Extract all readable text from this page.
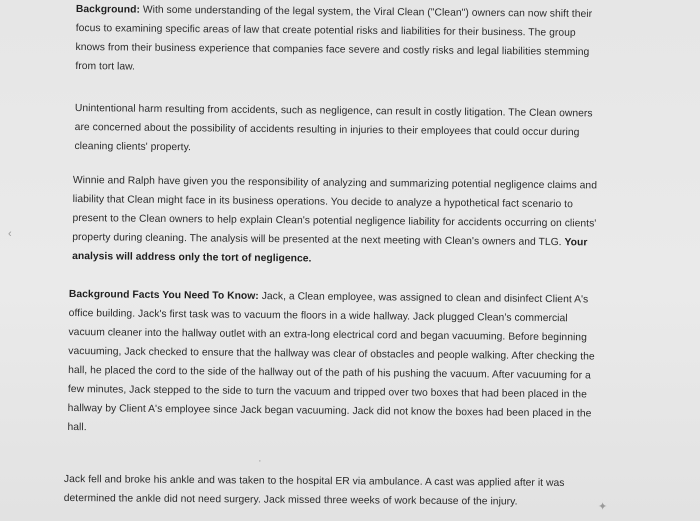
Background: With some understanding of the legal system, the Viral Clean ("Clean") owners can now shift their
focus to examining specific areas of law that create potential risks and liabilities for their business. The group
knows from their business experience that companies face severe and costly risks and legal liabilities stemming
from tort law.
Unintentional harm resulting from accidents, such as negligence, can result in costly litigation. The Clean owners
are concerned about the possibility of accidents resulting in injuries to their employees that could occur during
cleaning clients' property.
Winnie and Ralph have given you the responsibility of analyzing and summarizing potential negligence claims and
liability that Clean might face in its business operations. You decide to analyze a hypothetical fact scenario to
present to the Clean owners to help explain Clean's potential negligence liability for accidents occurring on clients'
property during cleaning. The analysis will be presented at the next meeting with Clean's owners and TLG. Your
analysis will address only the tort of negligence.
Background Facts You Need To Know: Jack, a Clean employee, was assigned to clean and disinfect Client A's
office building. Jack's first task was to vacuum the floors in a wide hallway. Jack plugged Clean's commercial
vacuum cleaner into the hallway outlet with an extra-long electrical cord and began vacuuming. Before beginning
vacuuming, Jack checked to ensure that the hallway was clear of obstacles and people walking. After checking the
hall, he placed the cord to the side of the hallway out of the path of his pushing the vacuum. After vacuuming for a
few minutes, Jack stepped to the side to turn the vacuum and tripped over two boxes that had been placed in the
hallway by Client A's employee since Jack began vacuuming. Jack did not know the boxes had been placed in the
hall.
Jack fell and broke his ankle and was taken to the hospital ER via ambulance. A cast was applied after it was
determined the ankle did not need surgery. Jack missed three weeks of work because of the injury.
‹
·
✦
